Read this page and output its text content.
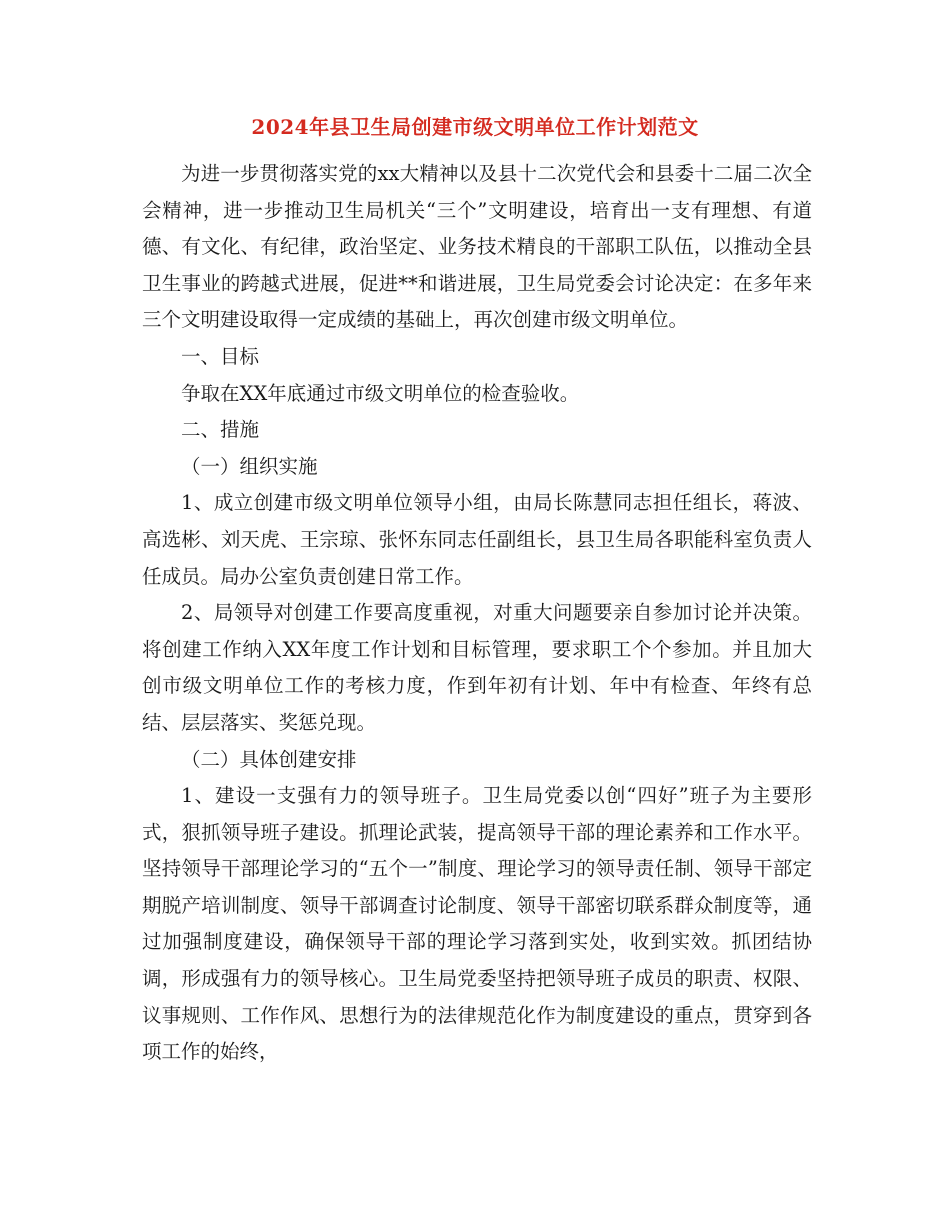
2024年县卫生局创建市级文明单位工作计划范文

为进一步贯彻落实党的xx大精神以及县十二次党代会和县委十二届二次全会精神，进一步推动卫生局机关“三个”文明建设，培育出一支有理想、有道德、有文化、有纪律，政治坚定、业务技术精良的干部职工队伍，以推动全县卫生事业的跨越式进展，促进**和谐进展，卫生局党委会讨论决定：在多年来三个文明建设取得一定成绩的基础上，再次创建市级文明单位。

一、目标

争取在XX年底通过市级文明单位的检查验收。

二、措施

（一）组织实施

1、成立创建市级文明单位领导小组，由局长陈慧同志担任组长，蒋波、高选彬、刘天虎、王宗琼、张怀东同志任副组长，县卫生局各职能科室负责人任成员。局办公室负责创建日常工作。

2、局领导对创建工作要高度重视，对重大问题要亲自参加讨论并决策。将创建工作纳入XX年度工作计划和目标管理，要求职工个个参加。并且加大创市级文明单位工作的考核力度，作到年初有计划、年中有检查、年终有总结、层层落实、奖惩兑现。

（二）具体创建安排

1、建设一支强有力的领导班子。卫生局党委以创“四好”班子为主要形式，狠抓领导班子建设。抓理论武装，提高领导干部的理论素养和工作水平。坚持领导干部理论学习的“五个一”制度、理论学习的领导责任制、领导干部定期脱产培训制度、领导干部调查讨论制度、领导干部密切联系群众制度等，通过加强制度建设，确保领导干部的理论学习落到实处，收到实效。抓团结协调，形成强有力的领导核心。卫生局党委坚持把领导班子成员的职责、权限、议事规则、工作作风、思想行为的法律规范化作为制度建设的重点，贯穿到各项工作的始终，
